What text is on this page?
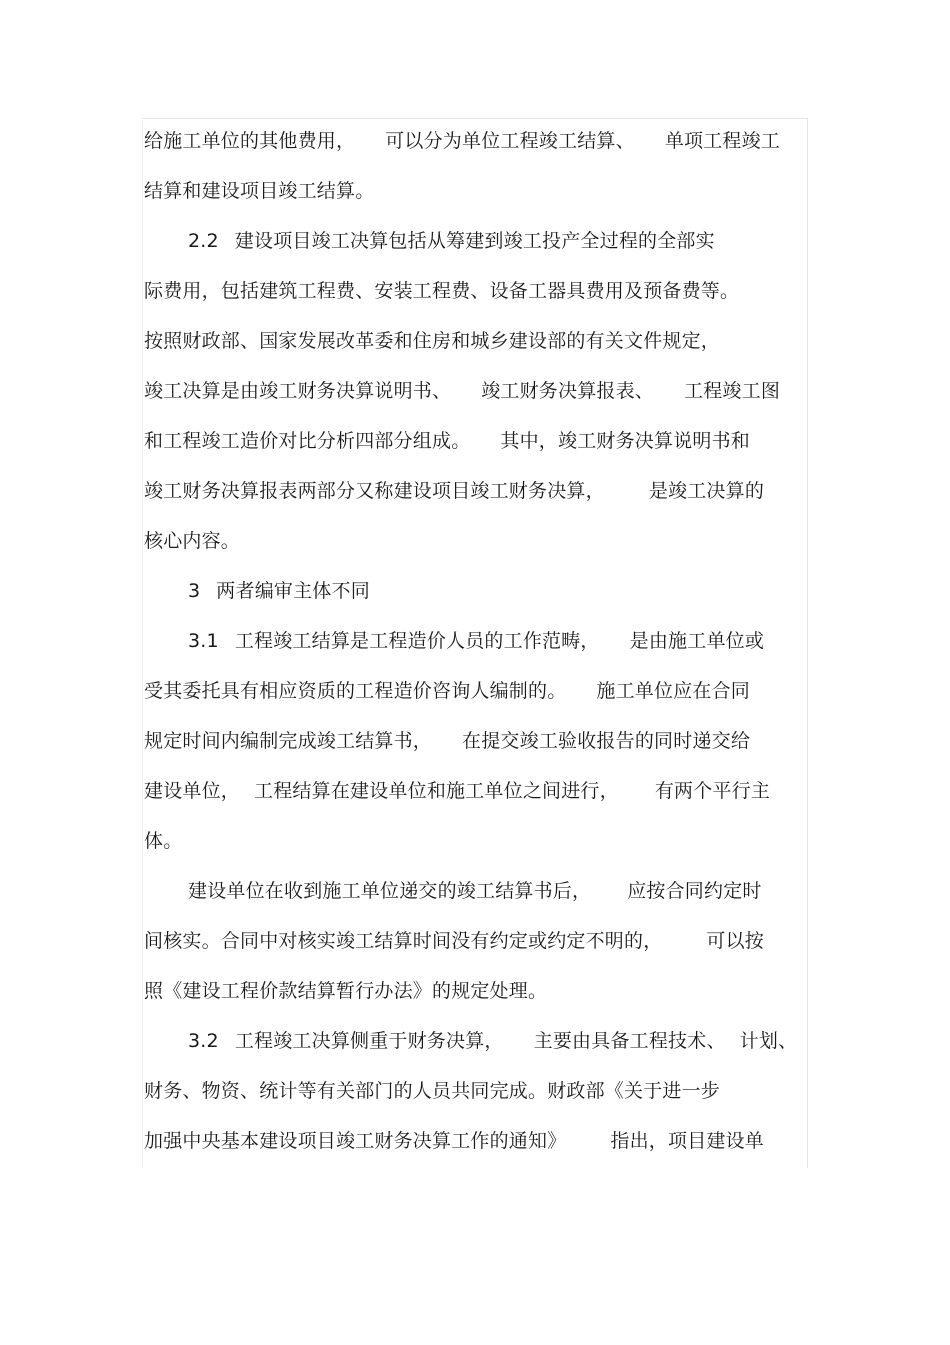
给施工单位的其他费用， 可以分为单位工程竣工结算、 单项工程竣工
结算和建设项目竣工结算。
2.2 建设项目竣工决算包括从筹建到竣工投产全过程的全部实
际费用，包括建筑工程费、安装工程费、设备工器具费用及预备费等。
按照财政部、国家发展改革委和住房和城乡建设部的有关文件规定，
竣工决算是由竣工财务决算说明书、 竣工财务决算报表、 工程竣工图
和工程竣工造价对比分析四部分组成。 其中，竣工财务决算说明书和
竣工财务决算报表两部分又称建设项目竣工财务决算， 是竣工决算的
核心内容。
3 两者编审主体不同
3.1 工程竣工结算是工程造价人员的工作范畴， 是由施工单位或
受其委托具有相应资质的工程造价咨询人编制的。 施工单位应在合同
规定时间内编制完成竣工结算书， 在提交竣工验收报告的同时递交给
建设单位， 工程结算在建设单位和施工单位之间进行， 有两个平行主
体。
建设单位在收到施工单位递交的竣工结算书后， 应按合同约定时
间核实。合同中对核实竣工结算时间没有约定或约定不明的， 可以按
照《建设工程价款结算暂行办法》的规定处理。
3.2 工程竣工决算侧重于财务决算， 主要由具备工程技术、 计划、
财务、物资、统计等有关部门的人员共同完成。财政部《关于进一步
加强中央基本建设项目竣工财务决算工作的通知》 指出，项目建设单
